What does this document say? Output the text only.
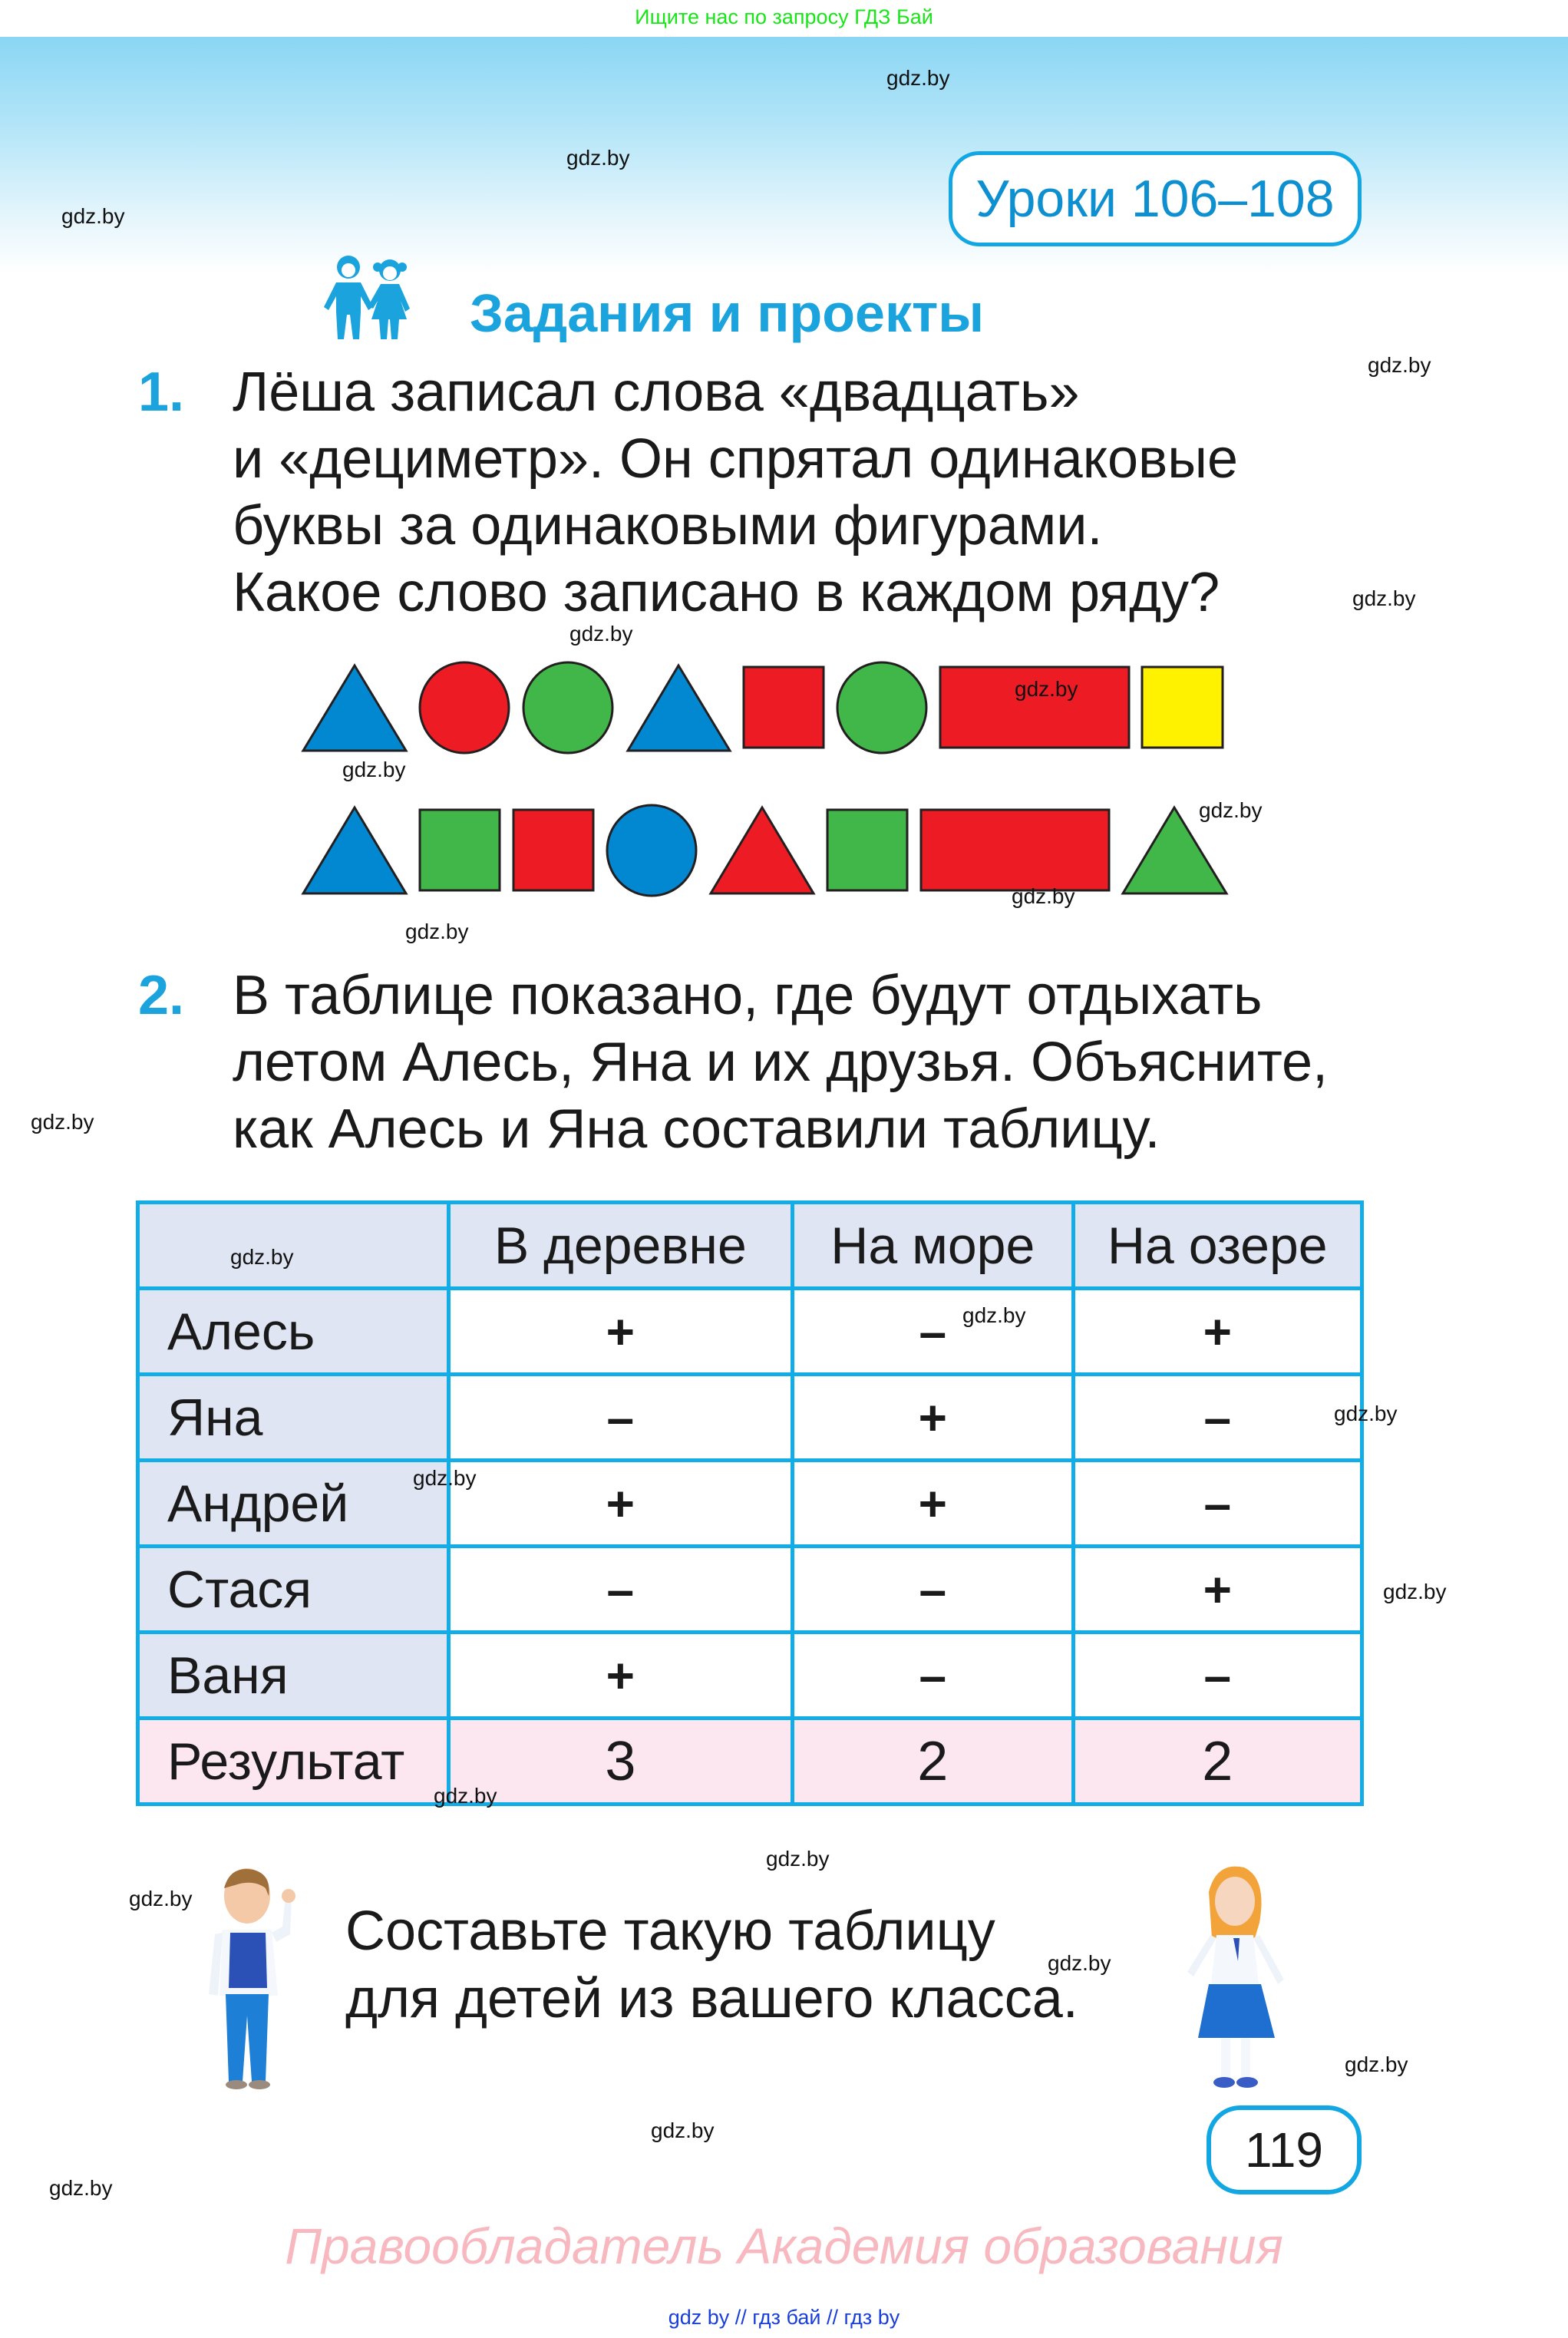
Ищите нас по запросу ГДЗ Бай
Уроки 106–108
Задания и проекты
1. Лёша записал слова «двадцать»
и «дециметр». Он спрятал одинаковые
буквы за одинаковыми фигурами.
Какое слово записано в каждом ряду?
2. В таблице показано, где будут отдыхать
летом Алесь, Яна и их друзья. Объясните,
как Алесь и Яна составили таблицу.
	В деревне	На море	На озере
Алесь	+	–	+
Яна	–	+	–
Андрей	+	+	–
Стася	–	–	+
Ваня	+	–	–
Результат	3	2	2
Составьте такую таблицу
для детей из вашего класса.
119
Правообладатель Академия образования
gdz by // гдз бай // гдз by
gdz.by
gdz.by
gdz.by
gdz.by
gdz.by
gdz.by
gdz.by
gdz.by
gdz.by
gdz.by
gdz.by
gdz.by
gdz.by
gdz.by
gdz.by
gdz.by
gdz.by
gdz.by
gdz.by
gdz.by
gdz.by
gdz.by
gdz.by
gdz.by
